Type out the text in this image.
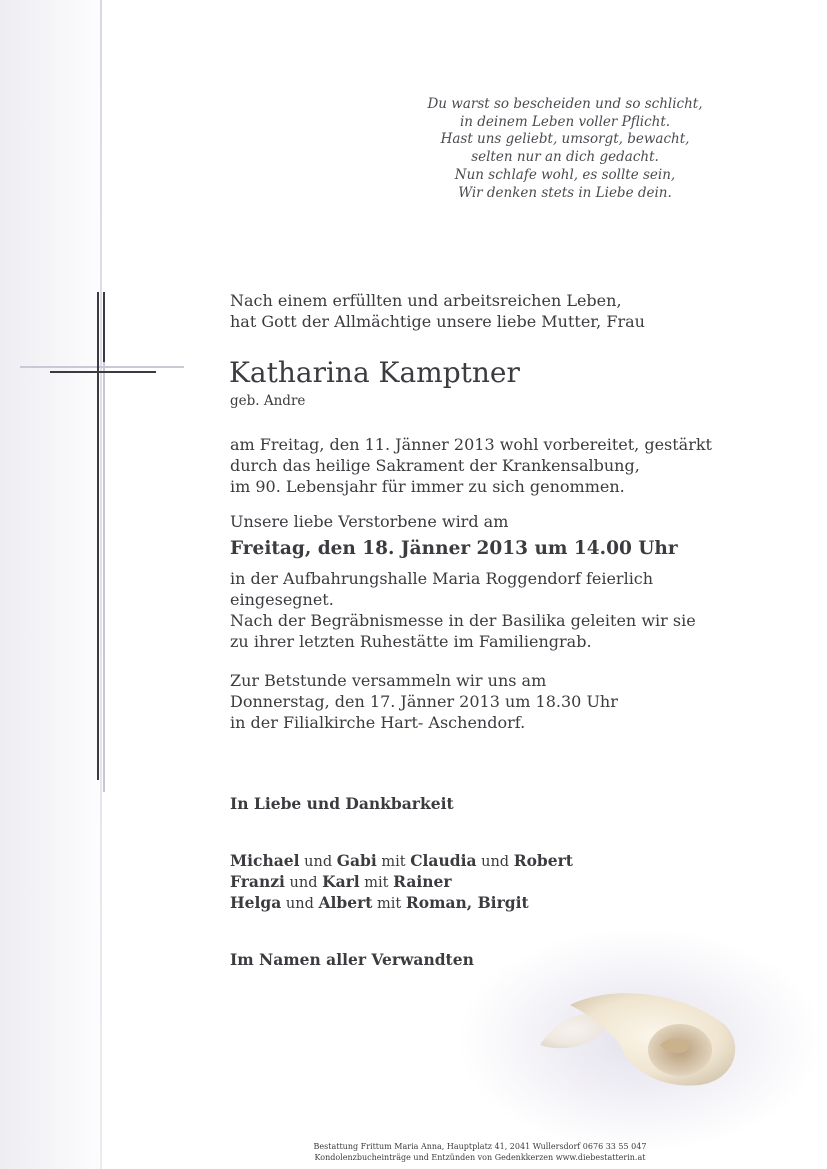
Du warst so bescheiden und so schlicht,
in deinem Leben voller Pflicht.
Hast uns geliebt, umsorgt, bewacht,
selten nur an dich gedacht.
Nun schlafe wohl, es sollte sein,
Wir denken stets in Liebe dein.
Nach einem erfüllten und arbeitsreichen Leben,
hat Gott der Allmächtige unsere liebe Mutter, Frau
Katharina Kamptner
geb. Andre
am Freitag, den 11. Jänner 2013 wohl vorbereitet, gestärkt
durch das heilige Sakrament der Krankensalbung,
im 90. Lebensjahr für immer zu sich genommen.
Unsere liebe Verstorbene wird am
Freitag, den 18. Jänner 2013 um 14.00 Uhr
in der Aufbahrungshalle Maria Roggendorf feierlich
eingesegnet.
Nach der Begräbnismesse in der Basilika geleiten wir sie
zu ihrer letzten Ruhestätte im Familiengrab.
Zur Betstunde versammeln wir uns am
Donnerstag, den 17. Jänner 2013 um 18.30 Uhr
in der Filialkirche Hart- Aschendorf.
In Liebe und Dankbarkeit
Michael und Gabi mit Claudia und Robert
Franzi und Karl mit Rainer
Helga und Albert mit Roman, Birgit
Im Namen aller Verwandten
Bestattung Frittum Maria Anna, Hauptplatz 41, 2041 Wullersdorf 0676 33 55 047
Kondolenzbucheinträge und Entzünden von Gedenkkerzen www.diebestatterin.at
